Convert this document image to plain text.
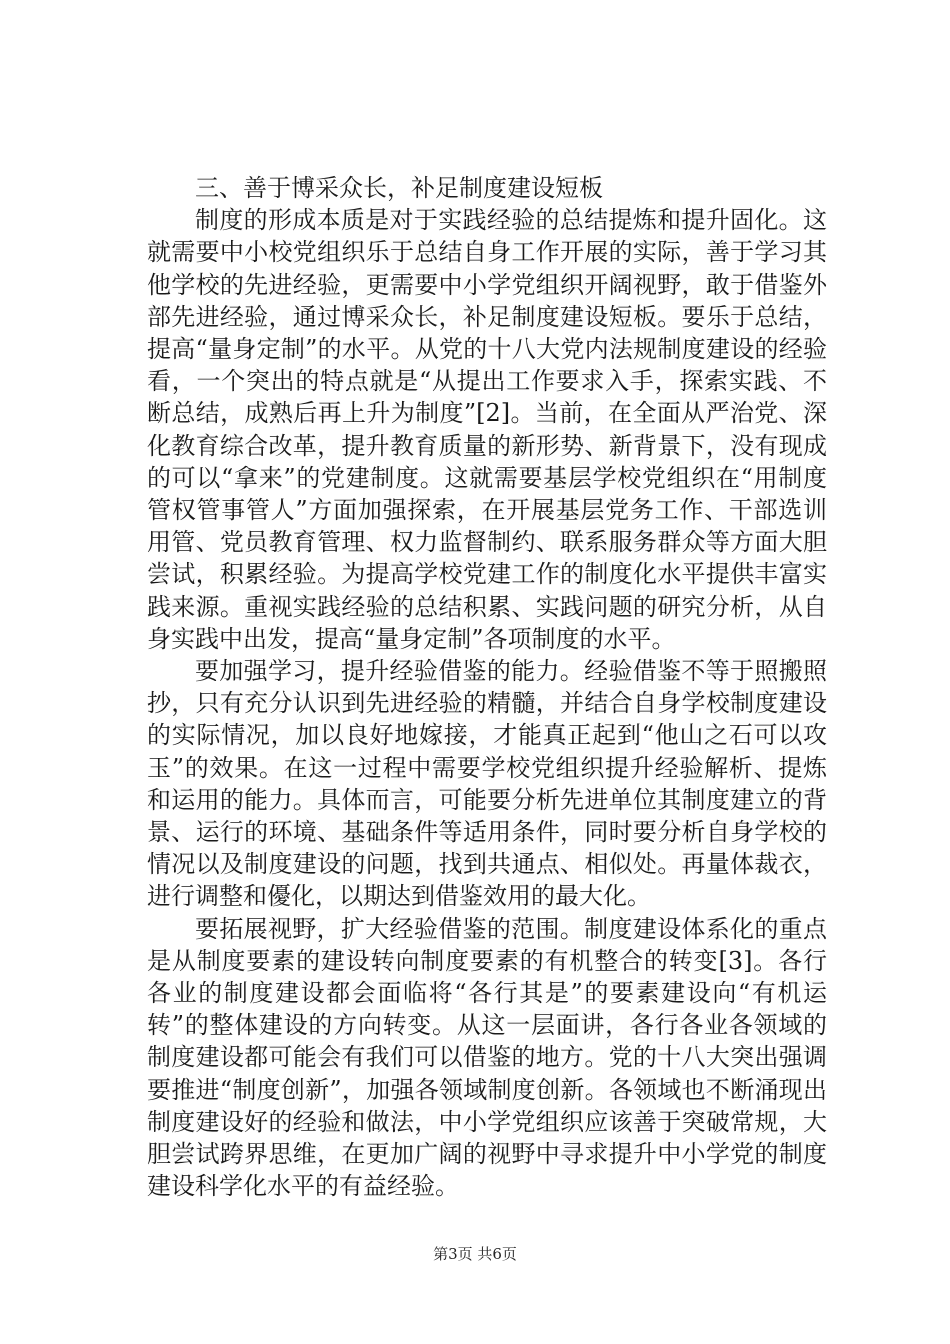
三、善于博采众长，补足制度建设短板

制度的形成本质是对于实践经验的总结提炼和提升固化。这就需要中小校党组织乐于总结自身工作开展的实际，善于学习其他学校的先进经验，更需要中小学党组织开阔视野，敢于借鉴外部先进经验，通过博采众长，补足制度建设短板。要乐于总结，提高“量身定制”的水平。从党的十八大党内法规制度建设的经验看，一个突出的特点就是“从提出工作要求入手，探索实践、不断总结，成熟后再上升为制度”[2]。当前，在全面从严治党、深化教育综合改革，提升教育质量的新形势、新背景下，没有现成的可以“拿来”的党建制度。这就需要基层学校党组织在“用制度管权管事管人”方面加强探索，在开展基层党务工作、干部选训用管、党员教育管理、权力监督制约、联系服务群众等方面大胆尝试，积累经验。为提高学校党建工作的制度化水平提供丰富实践来源。重视实践经验的总结积累、实践问题的研究分析，从自身实践中出发，提高“量身定制”各项制度的水平。

要加强学习，提升经验借鉴的能力。经验借鉴不等于照搬照抄，只有充分认识到先进经验的精髓，并结合自身学校制度建设的实际情况，加以良好地嫁接，才能真正起到“他山之石可以攻玉”的效果。在这一过程中需要学校党组织提升经验解析、提炼和运用的能力。具体而言，可能要分析先进单位其制度建立的背景、运行的环境、基础条件等适用条件，同时要分析自身学校的情况以及制度建设的问题，找到共通点、相似处。再量体裁衣，进行调整和優化，以期达到借鉴效用的最大化。

要拓展视野，扩大经验借鉴的范围。制度建设体系化的重点是从制度要素的建设转向制度要素的有机整合的转变[3]。各行各业的制度建设都会面临将“各行其是”的要素建设向“有机运转”的整体建设的方向转变。从这一层面讲，各行各业各领域的制度建设都可能会有我们可以借鉴的地方。党的十八大突出强调要推进“制度创新”，加强各领域制度创新。各领域也不断涌现出制度建设好的经验和做法，中小学党组织应该善于突破常规，大胆尝试跨界思维，在更加广阔的视野中寻求提升中小学党的制度建设科学化水平的有益经验。

第3页 共6页
